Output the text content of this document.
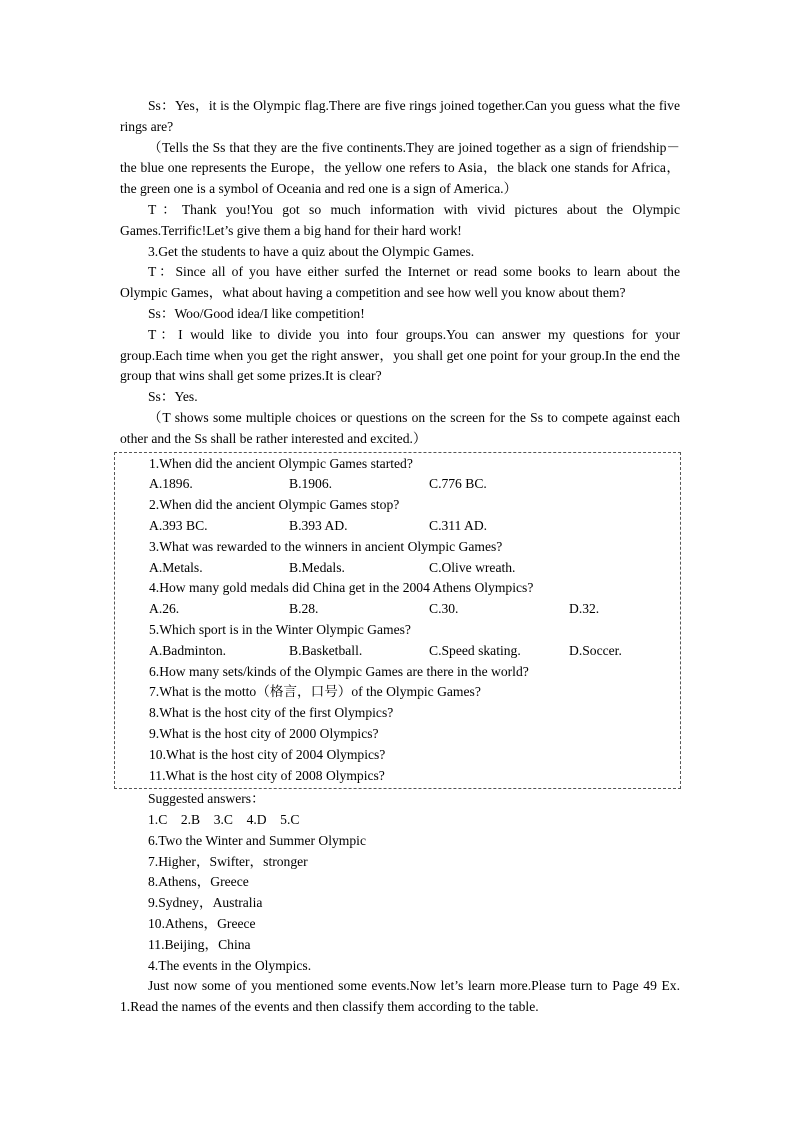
Ss：Yes，it is the Olympic flag.There are five rings joined together.Can you guess what the five rings are?

（Tells the Ss that they are the five continents.They are joined together as a sign of friendship－the blue one represents the Europe，the yellow one refers to Asia，the black one stands for Africa，the green one is a symbol of Oceania and red one is a sign of America.）

T：Thank you!You got so much information with vivid pictures about the Olympic Games.Terrific!Let’s give them a big hand for their hard work!

3.Get the students to have a quiz about the Olympic Games.

T：Since all of you have either surfed the Internet or read some books to learn about the Olympic Games，what about having a competition and see how well you know about them?

Ss：Woo/Good idea/I like competition!

T：I would like to divide you into four groups.You can answer my questions for your group.Each time when you get the right answer，you shall get one point for your group.In the end the group that wins shall get some prizes.It is clear?

Ss：Yes.

（T shows some multiple choices or questions on the screen for the Ss to compete against each other and the Ss shall be rather interested and excited.）

1.When did the ancient Olympic Games started?
A.1896.	B.1906.	C.776 BC.
2.When did the ancient Olympic Games stop?
A.393 BC.	B.393 AD.	C.311 AD.
3.What was rewarded to the winners in ancient Olympic Games?
A.Metals.	B.Medals.	C.Olive wreath.
4.How many gold medals did China get in the 2004 Athens Olympics?
A.26.	B.28.	C.30.	D.32.
5.Which sport is in the Winter Olympic Games?
A.Badminton.	B.Basketball.	C.Speed skating.	D.Soccer.
6.How many sets/kinds of the Olympic Games are there in the world?
7.What is the motto（格言，口号）of the Olympic Games?
8.What is the host city of the first Olympics?
9.What is the host city of 2000 Olympics?
10.What is the host city of 2004 Olympics?
11.What is the host city of 2008 Olympics?
Suggested answers：
1.C　2.B　3.C　4.D　5.C
6.Two the Winter and Summer Olympic
7.Higher，Swifter，stronger
8.Athens，Greece
9.Sydney，Australia
10.Athens，Greece
11.Beijing，China
4.The events in the Olympics.

Just now some of you mentioned some events.Now let’s learn more.Please turn to Page 49 Ex. 1.Read the names of the events and then classify them according to the table.
